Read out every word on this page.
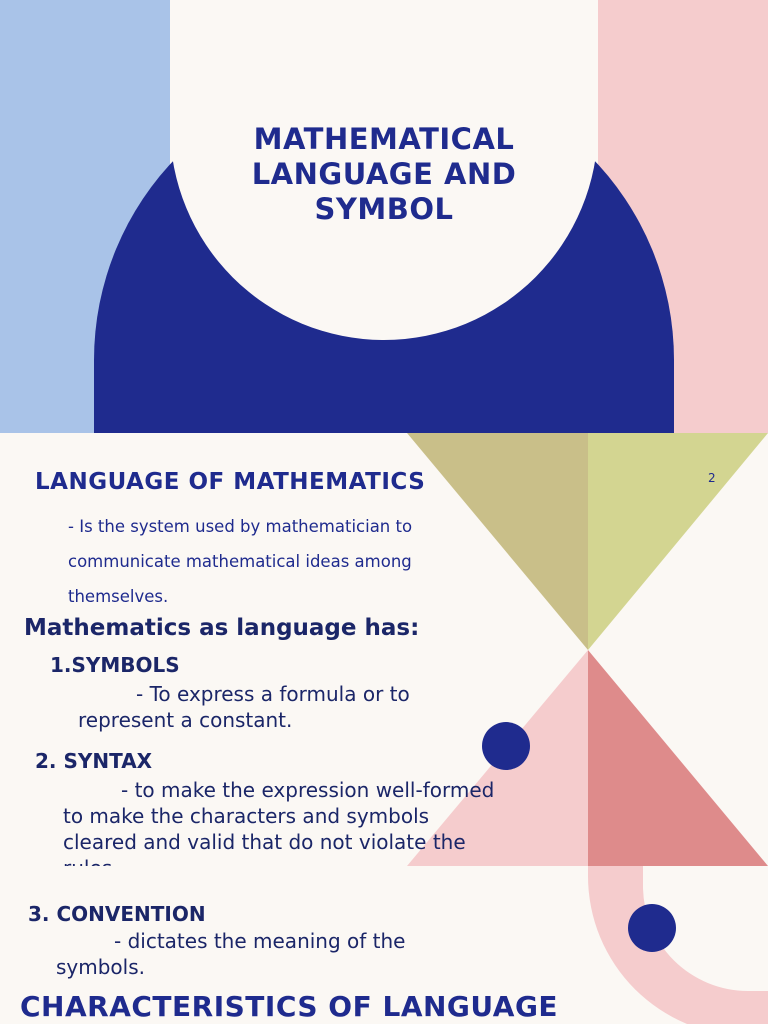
MATHEMATICAL
LANGUAGE AND
SYMBOL
LANGUAGE OF MATHEMATICS	2
- Is the system used by mathematician to communicate mathematical ideas among themselves.
Mathematics as language has:
1.SYMBOLS
- To express a formula or to represent a constant.
2. SYNTAX
- to make the expression well-formed to make the characters and symbols cleared and valid that do not violate the
3. CONVENTION
- dictates the meaning of the symbols.
CHARACTERISTICS OF LANGUAGE
